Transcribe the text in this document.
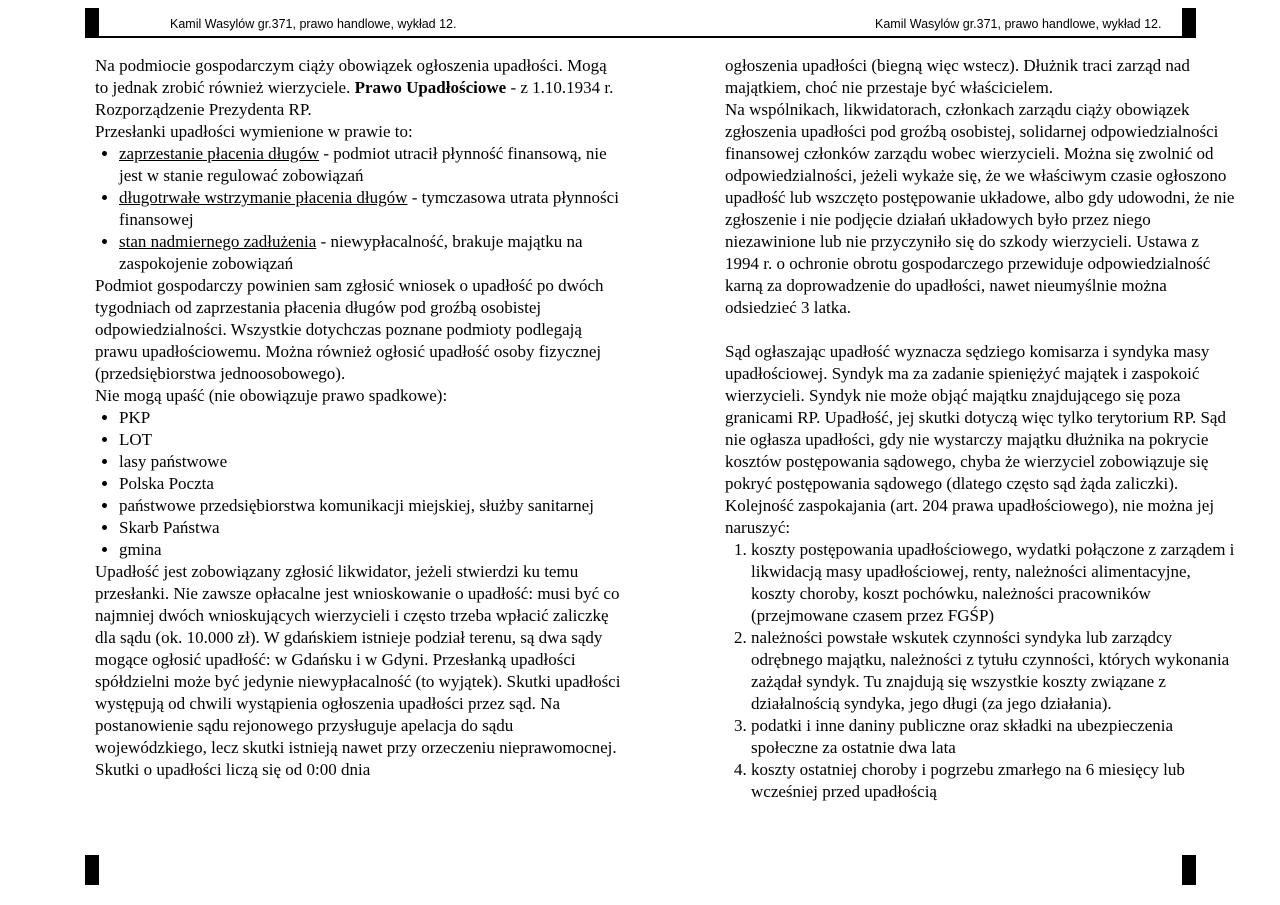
Kamil Wasylów gr.371, prawo handlowe, wykład 12.	Kamil Wasylów gr.371, prawo handlowe, wykład 12.

Na podmiocie gospodarczym ciąży obowiązek ogłoszenia upadłości. Mogą to jednak zrobić również wierzyciele. Prawo Upadłościowe - z 1.10.1934 r. Rozporządzenie Prezydenta RP.

Przesłanki upadłości wymienione w prawie to:

• zaprzestanie płacenia długów - podmiot utracił płynność finansową, nie jest w stanie regulować zobowiązań
• długotrwałe wstrzymanie płacenia długów - tymczasowa utrata płynności finansowej
• stan nadmiernego zadłużenia - niewypłacalność, brakuje majątku na zaspokojenie zobowiązań

Podmiot gospodarczy powinien sam zgłosić wniosek o upadłość po dwóch tygodniach od zaprzestania płacenia długów pod groźbą osobistej odpowiedzialności. Wszystkie dotychczas poznane podmioty podlegają prawu upadłościowemu. Można również ogłosić upadłość osoby fizycznej (przedsiębiorstwa jednoosobowego).

Nie mogą upaść (nie obowiązuje prawo spadkowe):

• PKP
• LOT
• lasy państwowe
• Polska Poczta
• państwowe przedsiębiorstwa komunikacji miejskiej, służby sanitarnej
• Skarb Państwa
• gmina

Upadłość jest zobowiązany zgłosić likwidator, jeżeli stwierdzi ku temu przesłanki. Nie zawsze opłacalne jest wnioskowanie o upadłość: musi być co najmniej dwóch wnioskujących wierzycieli i często trzeba wpłacić zaliczkę dla sądu (ok. 10.000 zł). W gdańskiem istnieje podział terenu, są dwa sądy mogące ogłosić upadłość: w Gdańsku i w Gdyni. Przesłanką upadłości spółdzielni może być jedynie niewypłacalność (to wyjątek). Skutki upadłości występują od chwili wystąpienia ogłoszenia upadłości przez sąd. Na postanowienie sądu rejonowego przysługuje apelacja do sądu wojewódzkiego, lecz skutki istnieją nawet przy orzeczeniu nieprawomocnej. Skutki o upadłości liczą się od 0:00 dnia

ogłoszenia upadłości (biegną więc wstecz). Dłużnik traci zarząd nad majątkiem, choć nie przestaje być właścicielem.

Na wspólnikach, likwidatorach, członkach zarządu ciąży obowiązek zgłoszenia upadłości pod groźbą osobistej, solidarnej odpowiedzialności finansowej członków zarządu wobec wierzycieli. Można się zwolnić od odpowiedzialności, jeżeli wykaże się, że we właściwym czasie ogłoszono upadłość lub wszczęto postępowanie układowe, albo gdy udowodni, że nie zgłoszenie i nie podjęcie działań układowych było przez niego niezawinione lub nie przyczyniło się do szkody wierzycieli. Ustawa z 1994 r. o ochronie obrotu gospodarczego przewiduje odpowiedzialność karną za doprowadzenie do upadłości, nawet nieumyślnie można odsiedzieć 3 latka.

Sąd ogłaszając upadłość wyznacza sędziego komisarza i syndyka masy upadłościowej. Syndyk ma za zadanie spieniężyć majątek i zaspokoić wierzycieli. Syndyk nie może objąć majątku znajdującego się poza granicami RP. Upadłość, jej skutki dotyczą więc tylko terytorium RP. Sąd nie ogłasza upadłości, gdy nie wystarczy majątku dłużnika na pokrycie kosztów postępowania sądowego, chyba że wierzyciel zobowiązuje się pokryć postępowania sądowego (dlatego często sąd żąda zaliczki).

Kolejność zaspokajania (art. 204 prawa upadłościowego), nie można jej naruszyć:

1. koszty postępowania upadłościowego, wydatki połączone z zarządem i likwidacją masy upadłościowej, renty, należności alimentacyjne, koszty choroby, koszt pochówku, należności pracowników (przejmowane czasem przez FGŚP)
2. należności powstałe wskutek czynności syndyka lub zarządcy odrębnego majątku, należności z tytułu czynności, których wykonania zażądał syndyk. Tu znajdują się wszystkie koszty związane z działalnością syndyka, jego długi (za jego działania).
3. podatki i inne daniny publiczne oraz składki na ubezpieczenia społeczne za ostatnie dwa lata
4. koszty ostatniej choroby i pogrzebu zmarłego na 6 miesięcy lub wcześniej przed upadłością
